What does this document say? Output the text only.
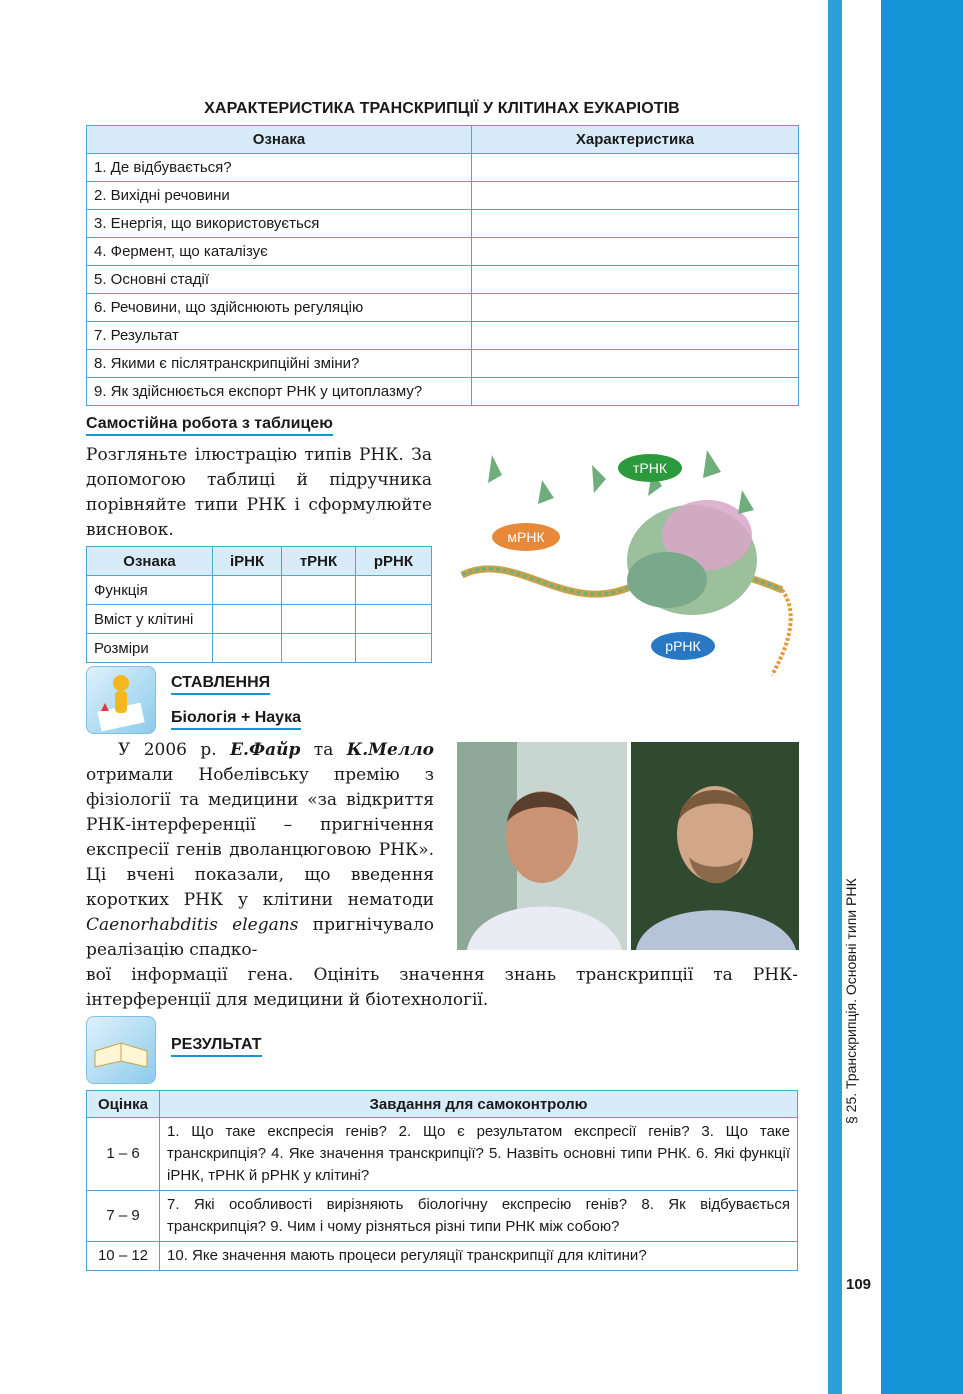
§ 25. Транскрипція. Основні типи РНК
109
ХАРАКТЕРИСТИКА ТРАНСКРИПЦІЇ У КЛІТИНАХ ЕУКАРІОТІВ
Ознака	Характеристика
1. Де відбувається?	
2. Вихідні речовини	
3. Енергія, що використовується	
4. Фермент, що каталізує	
5. Основні стадії	
6. Речовини, що здійснюють регуляцію	
7. Результат	
8. Якими є післятранскрипційні зміни?	
9. Як здійснюється експорт РНК у цитоплазму?	
Самостійна робота з таблицею
Розгляньте ілюстрацію типів РНК. За допомогою таблиці й підручника порівняйте типи РНК і сформулюйте висновок.
Ознака	іРНК	тРНК	рРНК
Функція			
Вміст у клітині			
Розміри			
тРНК
мРНК
рРНК
СТАВЛЕННЯ
Біологія + Наука
У 2006 р. Е.Файр та К.Мелло отримали Нобелівську премію з фізіології та медицини «за відкриття РНК-інтерференції – пригнічення експресії генів дволанцюговою РНК». Ці вчені показали, що введення коротких РНК у клітини нематоди Caenorhabditis elegans пригнічувало реалізацію спадко-
вої інформації гена. Оцініть значення знань транскрипції та РНК-інтерференції для медицини й біотехнології.
РЕЗУЛЬТАТ
Оцінка	Завдання для самоконтролю
1 – 6	1. Що таке експресія генів? 2. Що є результатом експресії генів? 3. Що таке транскрипція? 4. Яке значення транскрипції? 5. Назвіть основні типи РНК. 6. Які функції іРНК, тРНК й рРНК у клітині?
7 – 9	7. Які особливості вирізняють біологічну експресію генів? 8. Як відбувається транскрипція? 9. Чим і чому різняться різні типи РНК між собою?
10 – 12	10. Яке значення мають процеси регуляції транскрипції для клітини?
